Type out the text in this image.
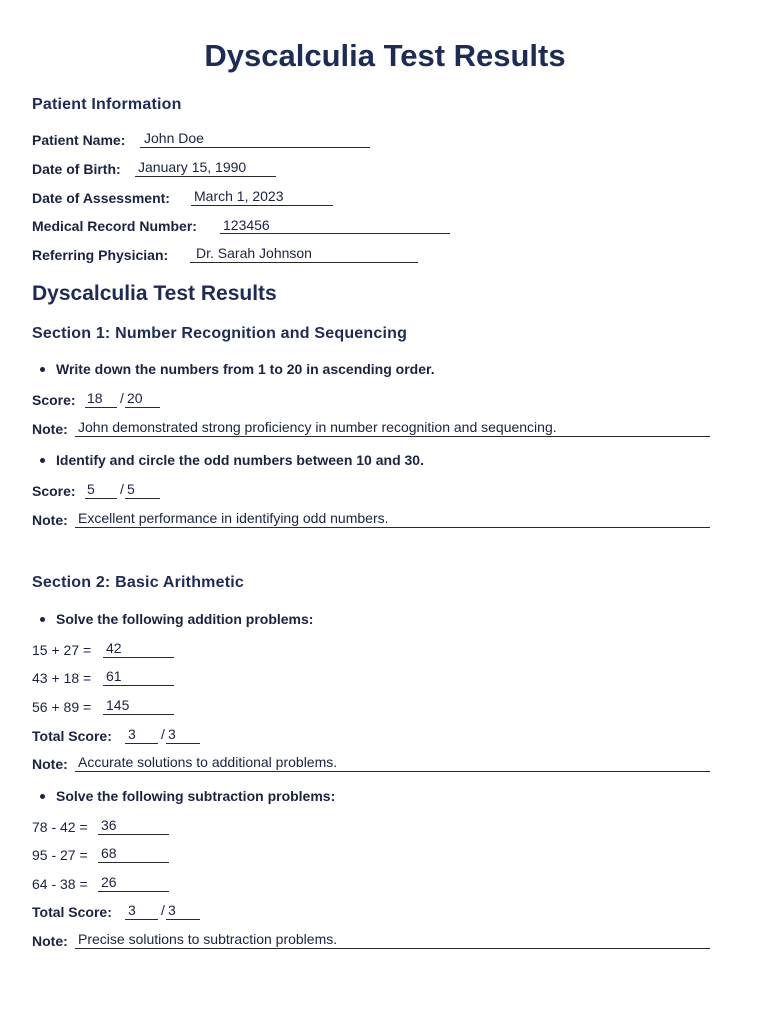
Dyscalculia Test Results
Patient Information
Patient Name: John Doe
Date of Birth: January 15, 1990
Date of Assessment: March 1, 2023
Medical Record Number: 123456
Referring Physician: Dr. Sarah Johnson
Dyscalculia Test Results
Section 1: Number Recognition and Sequencing
Write down the numbers from 1 to 20 in ascending order.
Score: 18 / 20
Note: John demonstrated strong proficiency in number recognition and sequencing.
Identify and circle the odd numbers between 10 and 30.
Score: 5 / 5
Note: Excellent performance in identifying odd numbers.
Section 2: Basic Arithmetic
Solve the following addition problems:
15 + 27 = 42
43 + 18 = 61
56 + 89 = 145
Total Score: 3 / 3
Note: Accurate solutions to additional problems.
Solve the following subtraction problems:
78 - 42 = 36
95 - 27 = 68
64 - 38 = 26
Total Score: 3 / 3
Note: Precise solutions to subtraction problems.
